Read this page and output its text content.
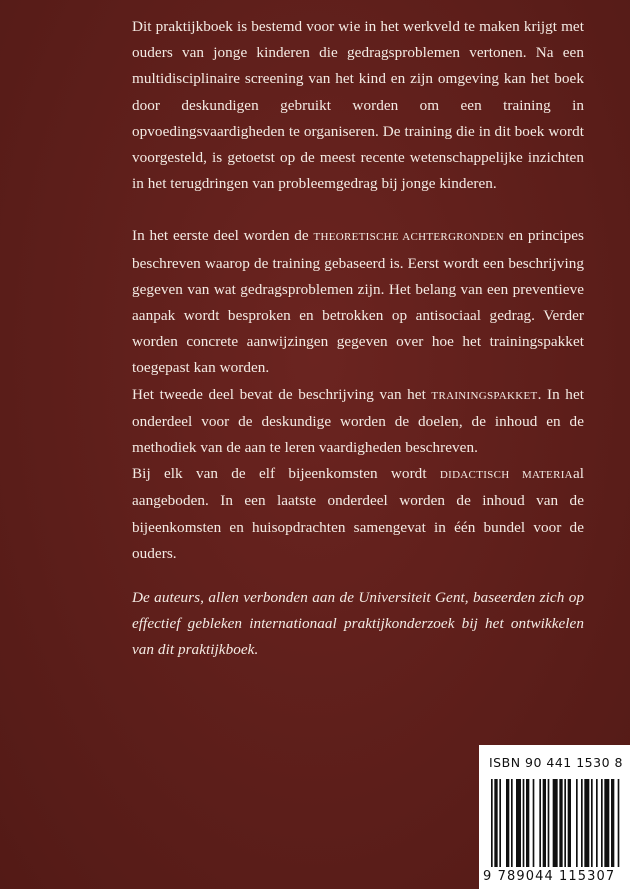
Dit praktijkboek is bestemd voor wie in het werkveld te maken krijgt met ouders van jonge kinderen die gedragsproblemen vertonen. Na een multidisciplinaire screening van het kind en zijn omgeving kan het boek door deskundigen gebruikt worden om een training in opvoedingsvaardigheden te organiseren. De training die in dit boek wordt voorgesteld, is getoetst op de meest recente wetenschappelijke inzichten in het terugdringen van probleemgedrag bij jonge kinderen.

In het eerste deel worden de THEORETISCHE ACHTERGRONDEN en principes beschreven waarop de training gebaseerd is. Eerst wordt een beschrijving gegeven van wat gedragsproblemen zijn. Het belang van een preventieve aanpak wordt besproken en betrokken op antisociaal gedrag. Verder worden concrete aanwijzingen gegeven over hoe het trainingspakket toegepast kan worden.

Het tweede deel bevat de beschrijving van het TRAININGSPAKKET. In het onderdeel voor de deskundige worden de doelen, de inhoud en de methodiek van de aan te leren vaardigheden beschreven.

Bij elk van de elf bijeenkomsten wordt DIDACTISCH MATERIAal aangeboden. In een laatste onderdeel worden de inhoud van de bijeenkomsten en huisopdrachten samengevat in één bundel voor de ouders.

De auteurs, allen verbonden aan de Universiteit Gent, baseerden zich op effectief gebleken internationaal praktijkonderzoek bij het ontwikkelen van dit praktijkboek.

ISBN 90 441 1530 8
9 789044 115307
